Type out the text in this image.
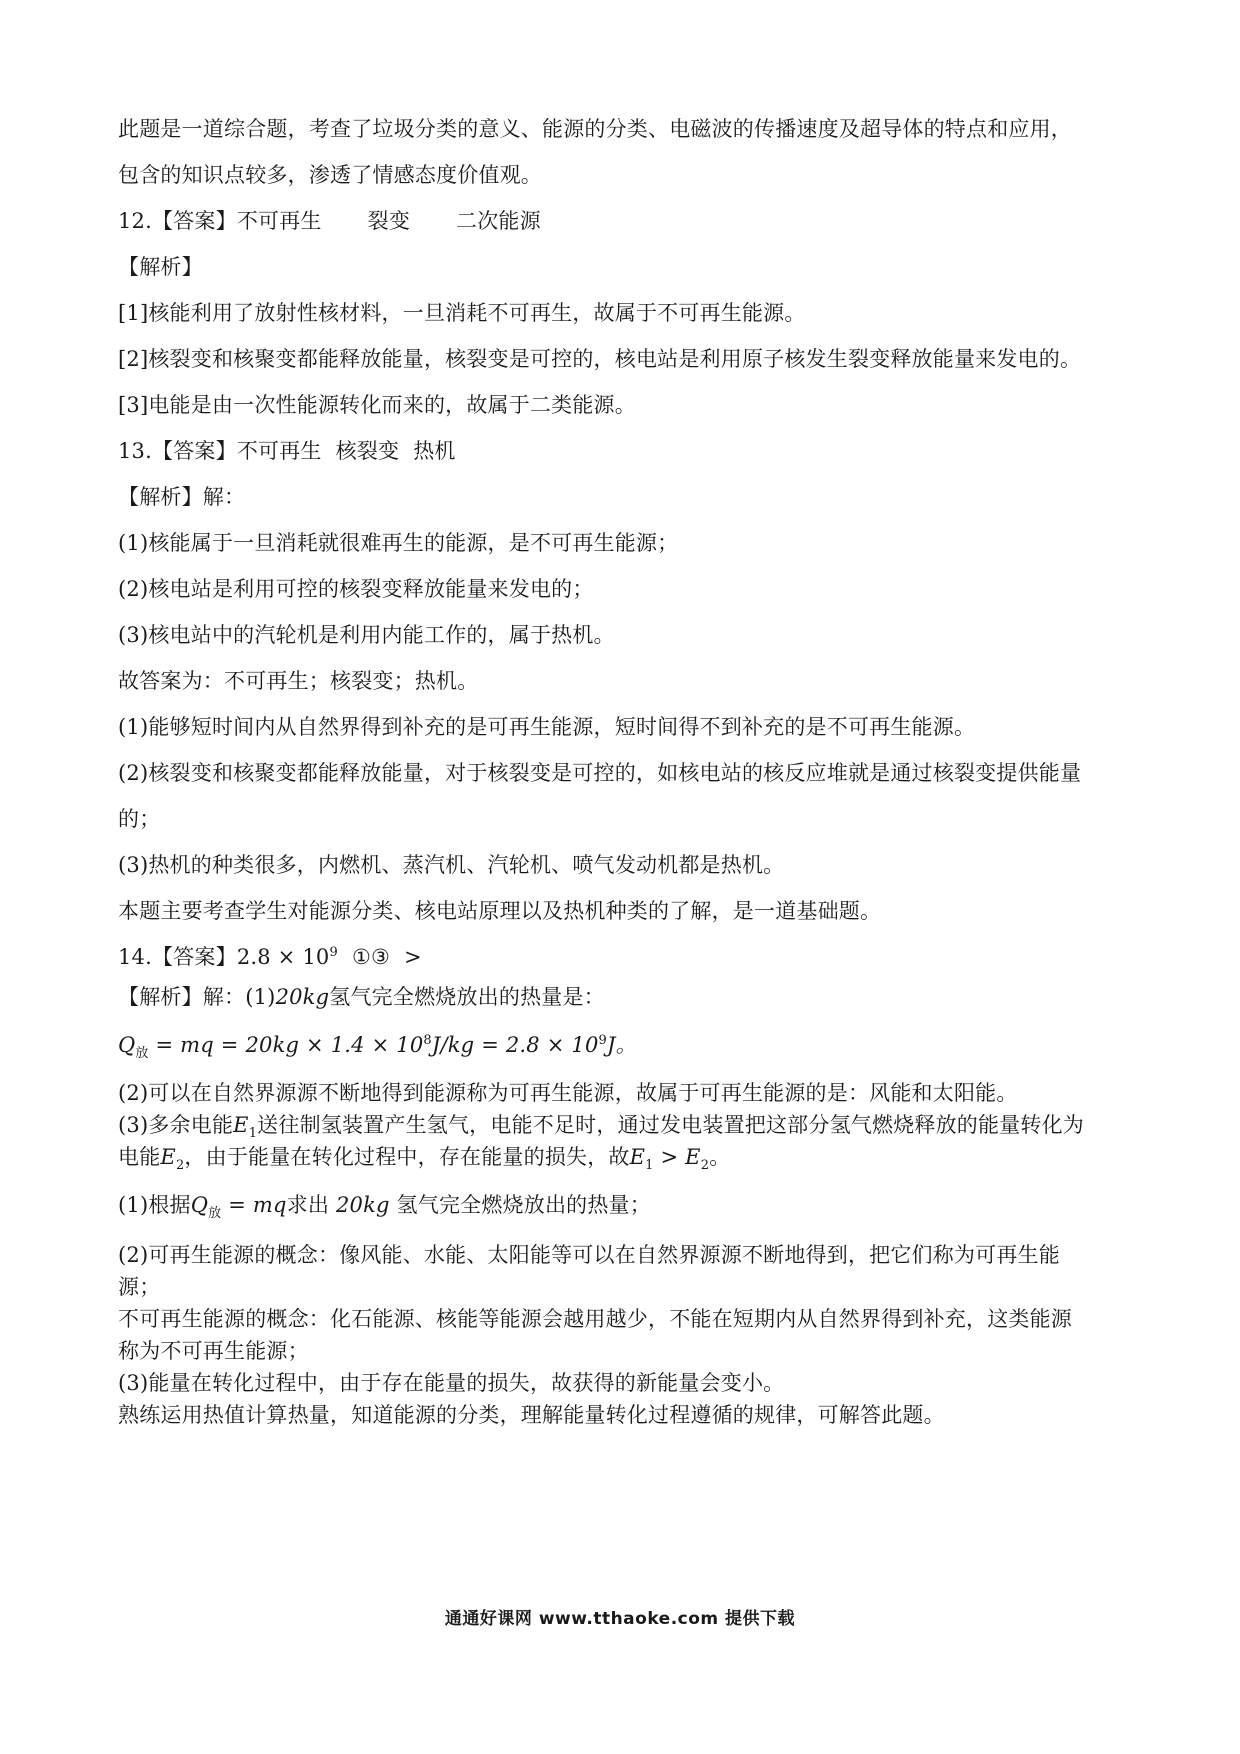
此题是一道综合题，考查了垃圾分类的意义、能源的分类、电磁波的传播速度及超导体的特点和应用，
包含的知识点较多，渗透了情感态度价值观。
12.【答案】不可再生 裂变 二次能源
【解析】
[1]核能利用了放射性核材料，一旦消耗不可再生，故属于不可再生能源。
[2]核裂变和核聚变都能释放能量，核裂变是可控的，核电站是利用原子核发生裂变释放能量来发电的。
[3]电能是由一次性能源转化而来的，故属于二类能源。
13.【答案】不可再生 核裂变 热机
【解析】解：
(1)核能属于一旦消耗就很难再生的能源，是不可再生能源；
(2)核电站是利用可控的核裂变释放能量来发电的；
(3)核电站中的汽轮机是利用内能工作的，属于热机。
故答案为：不可再生；核裂变；热机。
(1)能够短时间内从自然界得到补充的是可再生能源，短时间得不到补充的是不可再生能源。
(2)核裂变和核聚变都能释放能量，对于核裂变是可控的，如核电站的核反应堆就是通过核裂变提供能量
的；
(3)热机的种类很多，内燃机、蒸汽机、汽轮机、喷气发动机都是热机。
本题主要考查学生对能源分类、核电站原理以及热机种类的了解，是一道基础题。
14.【答案】$2.8 \times 10^9$ ①③ >
【解析】解：(1)20kg氢气完全燃烧放出的热量是：
$Q_放$ = mq = $20kg \times 1.4 \times 10^8J/kg = 2.8 \times 10^9J$。
(2)可以在自然界源源不断地得到能源称为可再生能源，故属于可再生能源的是：风能和太阳能。
(3)多余电能$E_1$送往制氢装置产生氢气，电能不足时，通过发电装置把这部分氢气燃烧释放的能量转化为
电能$E_2$，由于能量在转化过程中，存在能量的损失，故$E_1 > E_2$。
(1)根据$Q_放$ = mq求出 20kg 氢气完全燃烧放出的热量；
(2)可再生能源的概念：像风能、水能、太阳能等可以在自然界源源不断地得到，把它们称为可再生能
源；
不可再生能源的概念：化石能源、核能等能源会越用越少，不能在短期内从自然界得到补充，这类能源
称为不可再生能源；
(3)能量在转化过程中，由于存在能量的损失，故获得的新能量会变小。
熟练运用热值计算热量，知道能源的分类，理解能量转化过程遵循的规律，可解答此题。
通通好课网 www.tthaoke.com 提供下载
